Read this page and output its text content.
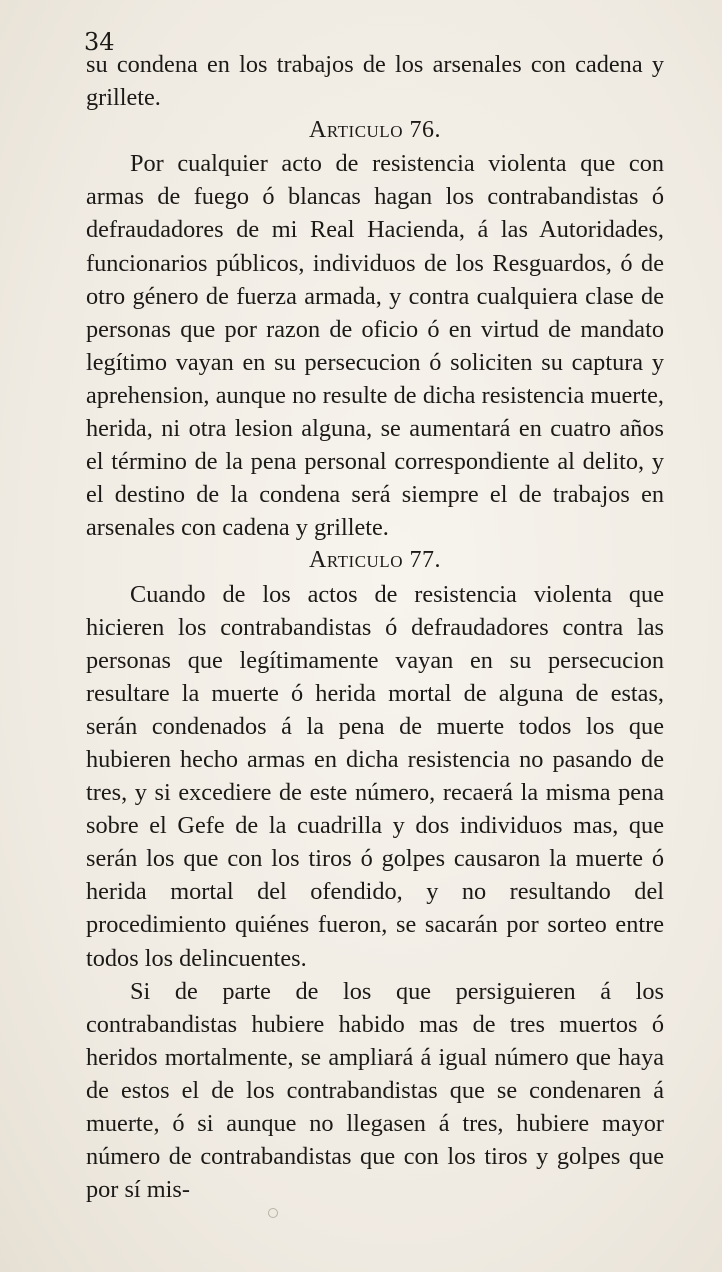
34

su condena en los trabajos de los arsenales con cadena y grillete.

Articulo 76.

Por cualquier acto de resistencia violenta que con armas de fuego ó blancas hagan los contrabandistas ó defraudadores de mi Real Hacienda, á las Autoridades, funcionarios públicos, individuos de los Resguardos, ó de otro género de fuerza armada, y contra cualquiera clase de personas que por razon de oficio ó en virtud de mandato legítimo vayan en su persecucion ó soliciten su captura y aprehension, aunque no resulte de dicha resistencia muerte, herida, ni otra lesion alguna, se aumentará en cuatro años el término de la pena personal correspondiente al delito, y el destino de la condena será siempre el de trabajos en arsenales con cadena y grillete.

Articulo 77.

Cuando de los actos de resistencia violenta que hicieren los contrabandistas ó defraudadores contra las personas que legítimamente vayan en su persecucion resultare la muerte ó herida mortal de alguna de estas, serán condenados á la pena de muerte todos los que hubieren hecho armas en dicha resistencia no pasando de tres, y si excediere de este número, recaerá la misma pena sobre el Gefe de la cuadrilla y dos individuos mas, que serán los que con los tiros ó golpes causaron la muerte ó herida mortal del ofendido, y no resultando del procedimiento quiénes fueron, se sacarán por sorteo entre todos los delincuentes.

Si de parte de los que persiguieren á los contrabandistas hubiere habido mas de tres muertos ó heridos mortalmente, se ampliará á igual número que haya de estos el de los contrabandistas que se condenaren á muerte, ó si aunque no llegasen á tres, hubiere mayor número de contrabandistas que con los tiros y golpes que por sí mis-
